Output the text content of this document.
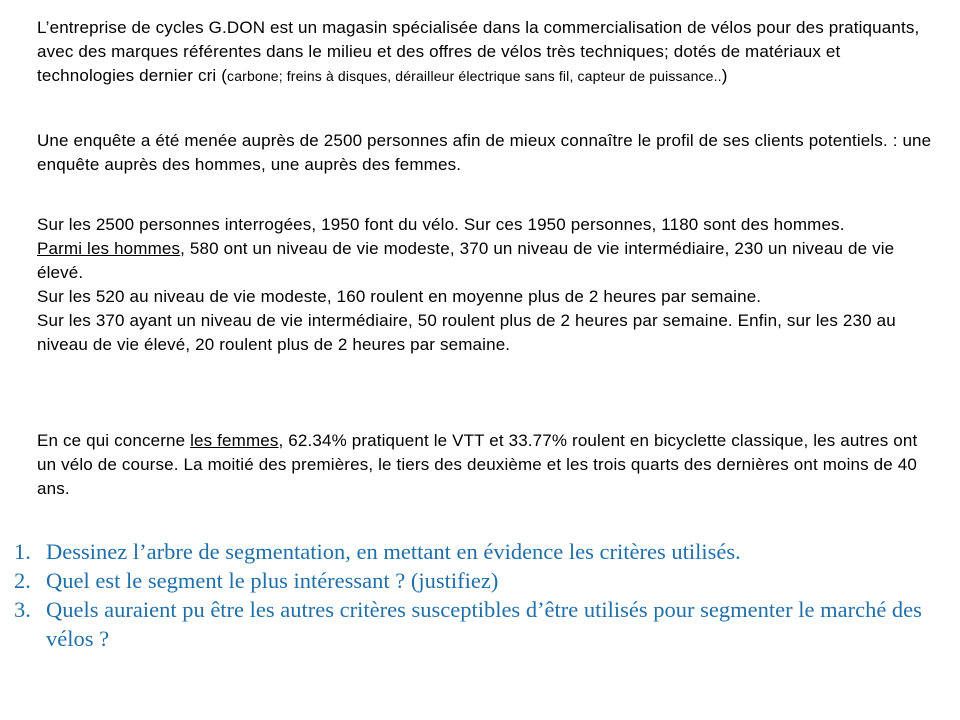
L’entreprise de cycles G.DON est un magasin spécialisée dans la commercialisation de vélos pour des pratiquants, avec des marques référentes dans le milieu et des offres de vélos très techniques; dotés de matériaux et technologies dernier cri (carbone; freins à disques, dérailleur électrique sans fil, capteur de puissance..)

Une enquête a été menée auprès de 2500 personnes afin de mieux connaître le profil de ses clients potentiels. : une enquête auprès des hommes, une auprès des femmes.

Sur les 2500 personnes interrogées, 1950 font du vélo. Sur ces 1950 personnes, 1180 sont des hommes.

Parmi les hommes, 580 ont un niveau de vie modeste, 370 un niveau de vie intermédiaire, 230 un niveau de vie élevé.

Sur les 520 au niveau de vie modeste, 160 roulent en moyenne plus de 2 heures par semaine.

Sur les 370 ayant un niveau de vie intermédiaire, 50 roulent plus de 2 heures par semaine. Enfin, sur les 230 au niveau de vie élevé, 20 roulent plus de 2 heures par semaine.

En ce qui concerne les femmes, 62.34% pratiquent le VTT et 33.77% roulent en bicyclette classique, les autres ont un vélo de course. La moitié des premières, le tiers des deuxième et les trois quarts des dernières ont moins de 40 ans.

1. Dessinez l’arbre de segmentation, en mettant en évidence les critères utilisés.
2. Quel est le segment le plus intéressant ? (justifiez)
3. Quels auraient pu être les autres critères susceptibles d’être utilisés pour segmenter le marché des vélos ?
